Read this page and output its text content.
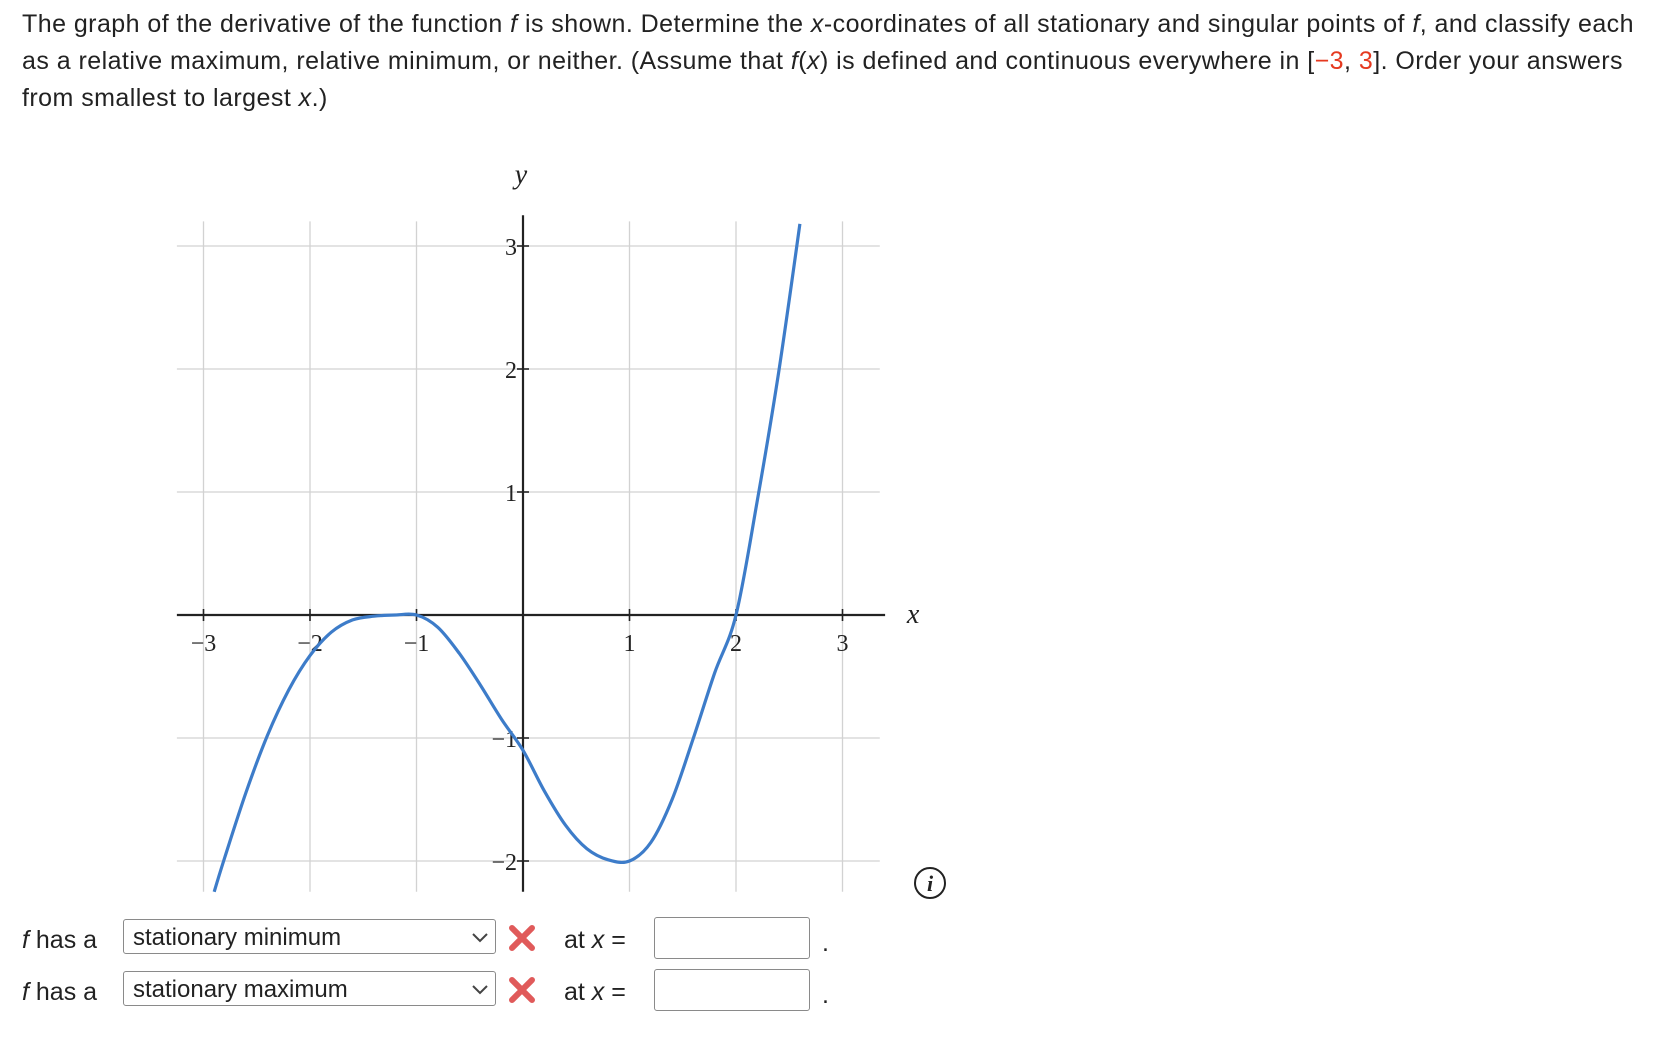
The graph of the derivative of the function f is shown. Determine the x-coordinates of all stationary and singular points of f, and classify each as a relative maximum, relative minimum, or neither. (Assume that f(x) is defined and continuous everywhere in [−3, 3]. Order your answers from smallest to largest x.)

−3	−2	−1	1	2	3
−2
−1
1
2
3
x
y
i
f has a stationary minimum	at x =	.
f has a stationary maximum	at x =	.
